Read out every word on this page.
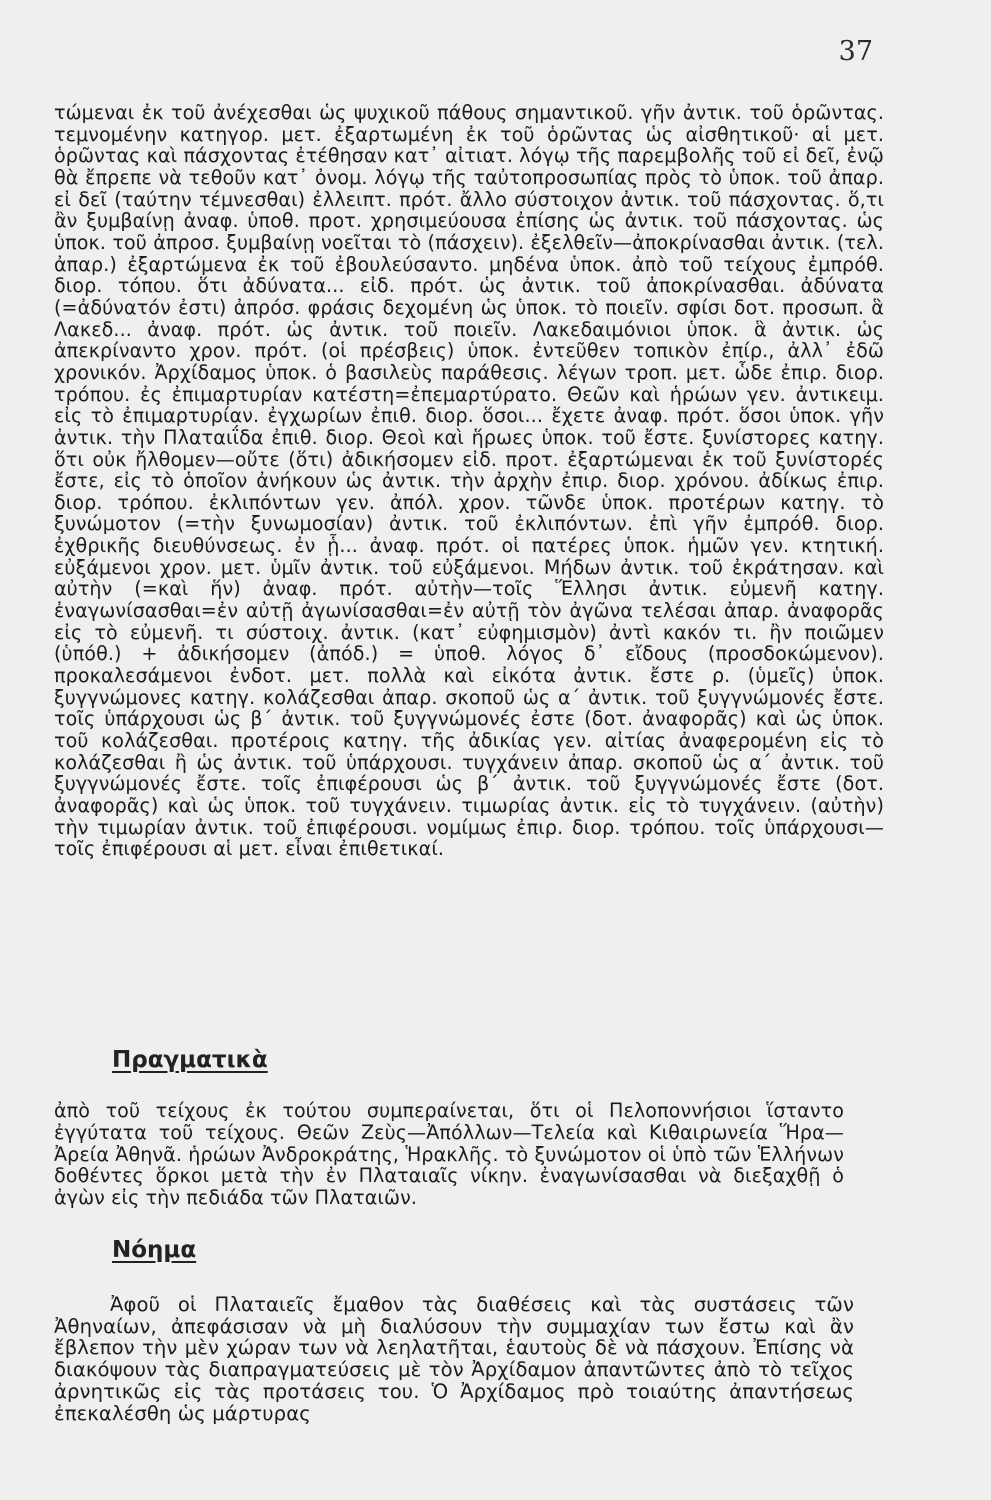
37

τώμεναι ἐκ τοῦ ἀνέχεσθαι ὡς ψυχικοῦ πάθους σημαντικοῦ. γῆν ἀντικ. τοῦ ὁρῶντας. τεμνομένην κατηγορ. μετ. ἐξαρτωμένη ἐκ τοῦ ὁρῶντας ὡς αἰσθητικοῦ· αἱ μετ. ὁρῶντας καὶ πάσχοντας ἐτέθησαν κατ᾽ αἰτιατ. λόγῳ τῆς παρεμβολῆς τοῦ εἰ δεῖ, ἐνῷ θὰ ἔπρεπε νὰ τεθοῦν κατ᾽ ὀνομ. λόγῳ τῆς ταὐτοπροσωπίας πρὸς τὸ ὑποκ. τοῦ ἀπαρ. εἰ δεῖ (ταύτην τέμνεσθαι) ἐλλειπτ. πρότ. ἄλλο σύστοιχον ἀντικ. τοῦ πάσχοντας. ὅ,τι ἂν ξυμβαίνῃ ἀναφ. ὑποθ. προτ. χρησιμεύουσα ἐπίσης ὡς ἀντικ. τοῦ πάσχοντας. ὡς ὑποκ. τοῦ ἀπροσ. ξυμβαίνῃ νοεῖται τὸ (πάσχειν). ἐξελθεῖν—ἀποκρίνασθαι ἀντικ. (τελ. ἀπαρ.) ἐξαρτώμενα ἐκ τοῦ ἐβουλεύσαντο. μηδένα ὑποκ. ἀπὸ τοῦ τείχους ἐμπρόθ. διορ. τόπου. ὅτι ἀδύνατα... εἰδ. πρότ. ὡς ἀντικ. τοῦ ἀποκρίνασθαι. ἀδύνατα (=ἀδύνατόν ἐστι) ἀπρόσ. φράσις δεχομένη ὡς ὑποκ. τὸ ποιεῖν. σφίσι δοτ. προσωπ. ἃ Λακεδ... ἀναφ. πρότ. ὡς ἀντικ. τοῦ ποιεῖν. Λακεδαιμόνιοι ὑποκ. ἃ ἀντικ. ὡς ἀπεκρίναντο χρον. πρότ. (οἱ πρέσβεις) ὑποκ. ἐντεῦθεν τοπικὸν ἐπίρ., ἀλλ᾽ ἐδῶ χρονικόν. Ἀρχίδαμος ὑποκ. ὁ βασιλεὺς παράθεσις. λέγων τροπ. μετ. ὧδε ἐπιρ. διορ. τρόπου. ἐς ἐπιμαρτυρίαν κατέστη=ἐπεμαρτύρατο. Θεῶν καὶ ἡρώων γεν. ἀντικειμ. εἰς τὸ ἐπιμαρτυρίαν. ἐγχωρίων ἐπιθ. διορ. ὅσοι... ἔχετε ἀναφ. πρότ. ὅσοι ὑποκ. γῆν ἀντικ. τὴν Πλαταιΐδα ἐπιθ. διορ. Θεοὶ καὶ ἥρωες ὑποκ. τοῦ ἔστε. ξυνίστορες κατηγ. ὅτι οὐκ ἤλθομεν—οὔτε (ὅτι) ἀδικήσομεν εἰδ. προτ. ἐξαρτώμεναι ἐκ τοῦ ξυνίστορές ἔστε, εἰς τὸ ὁποῖον ἀνήκουν ὡς ἀντικ. τὴν ἀρχὴν ἐπιρ. διορ. χρόνου. ἀδίκως ἐπιρ. διορ. τρόπου. ἐκλιπόντων γεν. ἀπόλ. χρον. τῶνδε ὑποκ. προτέρων κατηγ. τὸ ξυνώμοτον (=τὴν ξυνωμοσίαν) ἀντικ. τοῦ ἐκλιπόντων. ἐπὶ γῆν ἐμπρόθ. διορ. ἐχθρικῆς διευθύνσεως. ἐν ᾗ... ἀναφ. πρότ. οἱ πατέρες ὑποκ. ἡμῶν γεν. κτητική. εὐξάμενοι χρον. μετ. ὑμῖν ἀντικ. τοῦ εὐξάμενοι. Μήδων ἀντικ. τοῦ ἐκράτησαν. καὶ αὐτὴν (=καὶ ἥν) ἀναφ. πρότ. αὐτὴν—τοῖς Ἕλλησι ἀντικ. εὐμενῆ κατηγ. ἐναγωνίσασθαι=ἐν αὐτῇ ἀγωνίσασθαι=ἐν αὐτῇ τὸν ἀγῶνα τελέσαι ἀπαρ. ἀναφορᾶς εἰς τὸ εὐμενῆ. τι σύστοιχ. ἀντικ. (κατ᾽ εὐφημισμὸν) ἀντὶ κακόν τι. ἢν ποιῶμεν (ὑπόθ.) + ἀδικήσομεν (ἀπόδ.) = ὑποθ. λόγος δ᾽ εἴδους (προσδοκώμενον). προκαλεσάμενοι ἐνδοτ. μετ. πολλὰ καὶ εἰκότα ἀντικ. ἔστε ρ. (ὑμεῖς) ὑποκ. ξυγγνώμονες κατηγ. κολάζεσθαι ἀπαρ. σκοποῦ ὡς α΄ ἀντικ. τοῦ ξυγγνώμονές ἔστε. τοῖς ὑπάρχουσι ὡς β΄ ἀντικ. τοῦ ξυγγνώμονές ἐστε (δοτ. ἀναφορᾶς) καὶ ὡς ὑποκ. τοῦ κολάζεσθαι. προτέροις κατηγ. τῆς ἀδικίας γεν. αἰτίας ἀναφερομένη εἰς τὸ κολάζεσθαι ἢ ὡς ἀντικ. τοῦ ὑπάρχουσι. τυγχάνειν ἀπαρ. σκοποῦ ὡς α΄ ἀντικ. τοῦ ξυγγνώμονές ἔστε. τοῖς ἐπιφέρουσι ὡς β΄ ἀντικ. τοῦ ξυγγνώμονές ἔστε (δοτ. ἀναφορᾶς) καὶ ὡς ὑποκ. τοῦ τυγχάνειν. τιμωρίας ἀντικ. εἰς τὸ τυγχάνειν. (αὐτὴν) τὴν τιμωρίαν ἀντικ. τοῦ ἐπιφέρουσι. νομίμως ἐπιρ. διορ. τρόπου. τοῖς ὑπάρχουσι—τοῖς ἐπιφέρουσι αἱ μετ. εἶναι ἐπιθετικαί.

Πραγματικὰ

ἀπὸ τοῦ τείχους ἐκ τούτου συμπεραίνεται, ὅτι οἱ Πελοποννήσιοι ἵσταντο ἐγγύτατα τοῦ τείχους. Θεῶν Ζεὺς—Ἀπόλλων—Τελεία καὶ Κιθαιρωνεία Ἥρα—Ἀρεία Ἀθηνᾶ. ἡρώων Ἀνδροκράτης, Ἡρακλῆς. τὸ ξυνώμοτον οἱ ὑπὸ τῶν Ἑλλήνων δοθέντες ὅρκοι μετὰ τὴν ἐν Πλαταιαῖς νίκην. ἐναγωνίσασθαι νὰ διεξαχθῇ ὁ ἀγὼν εἰς τὴν πεδιάδα τῶν Πλαταιῶν.

Νόημα

Ἀφοῦ οἱ Πλαταιεῖς ἔμαθον τὰς διαθέσεις καὶ τὰς συστάσεις τῶν Ἀθηναίων, ἀπεφάσισαν νὰ μὴ διαλύσουν τὴν συμμαχίαν των ἔστω καὶ ἂν ἔβλεπον τὴν μὲν χώραν των νὰ λεηλατῆται, ἑαυτοὺς δὲ νὰ πάσχουν. Ἐπίσης νὰ διακόψουν τὰς διαπραγματεύσεις μὲ τὸν Ἀρχίδαμον ἀπαντῶντες ἀπὸ τὸ τεῖχος ἀρνητικῶς εἰς τὰς προτάσεις του. Ὁ Ἀρχίδαμος πρὸ τοιαύτης ἀπαντήσεως ἐπεκαλέσθη ὡς μάρτυρας
